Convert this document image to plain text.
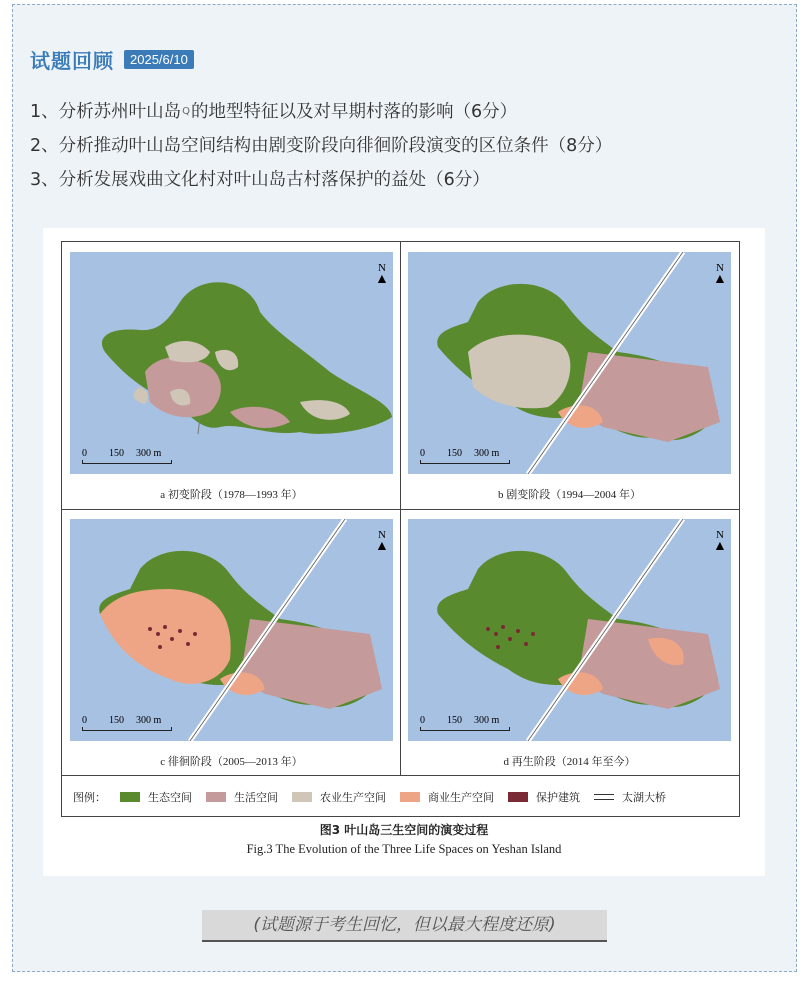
试题回顾	2025/6/10
1、分析苏州叶山岛$^Q$的地型特征以及对早期村落的影响（6分）
2、分析推动叶山岛空间结构由剧变阶段向徘徊阶段演变的区位条件（8分）
3、分析发展戏曲文化村对叶山岛古村落保护的益处（6分）
N
▲
0 150 300 m
a 初变阶段（1978—1993 年）
N
▲
0 150 300 m
b 剧变阶段（1994—2004 年）
N
▲
0 150 300 m
c 徘徊阶段（2005—2013 年）
N
▲
0 150 300 m
d 再生阶段（2014 年至今）
图例：	生态空间	生活空间	农业生产空间	商业生产空间	保护建筑	太湖大桥
图3 叶山岛三生空间的演变过程
Fig.3 The Evolution of the Three Life Spaces on Yeshan Island
(试题源于考生回忆，但以最大程度还原)
